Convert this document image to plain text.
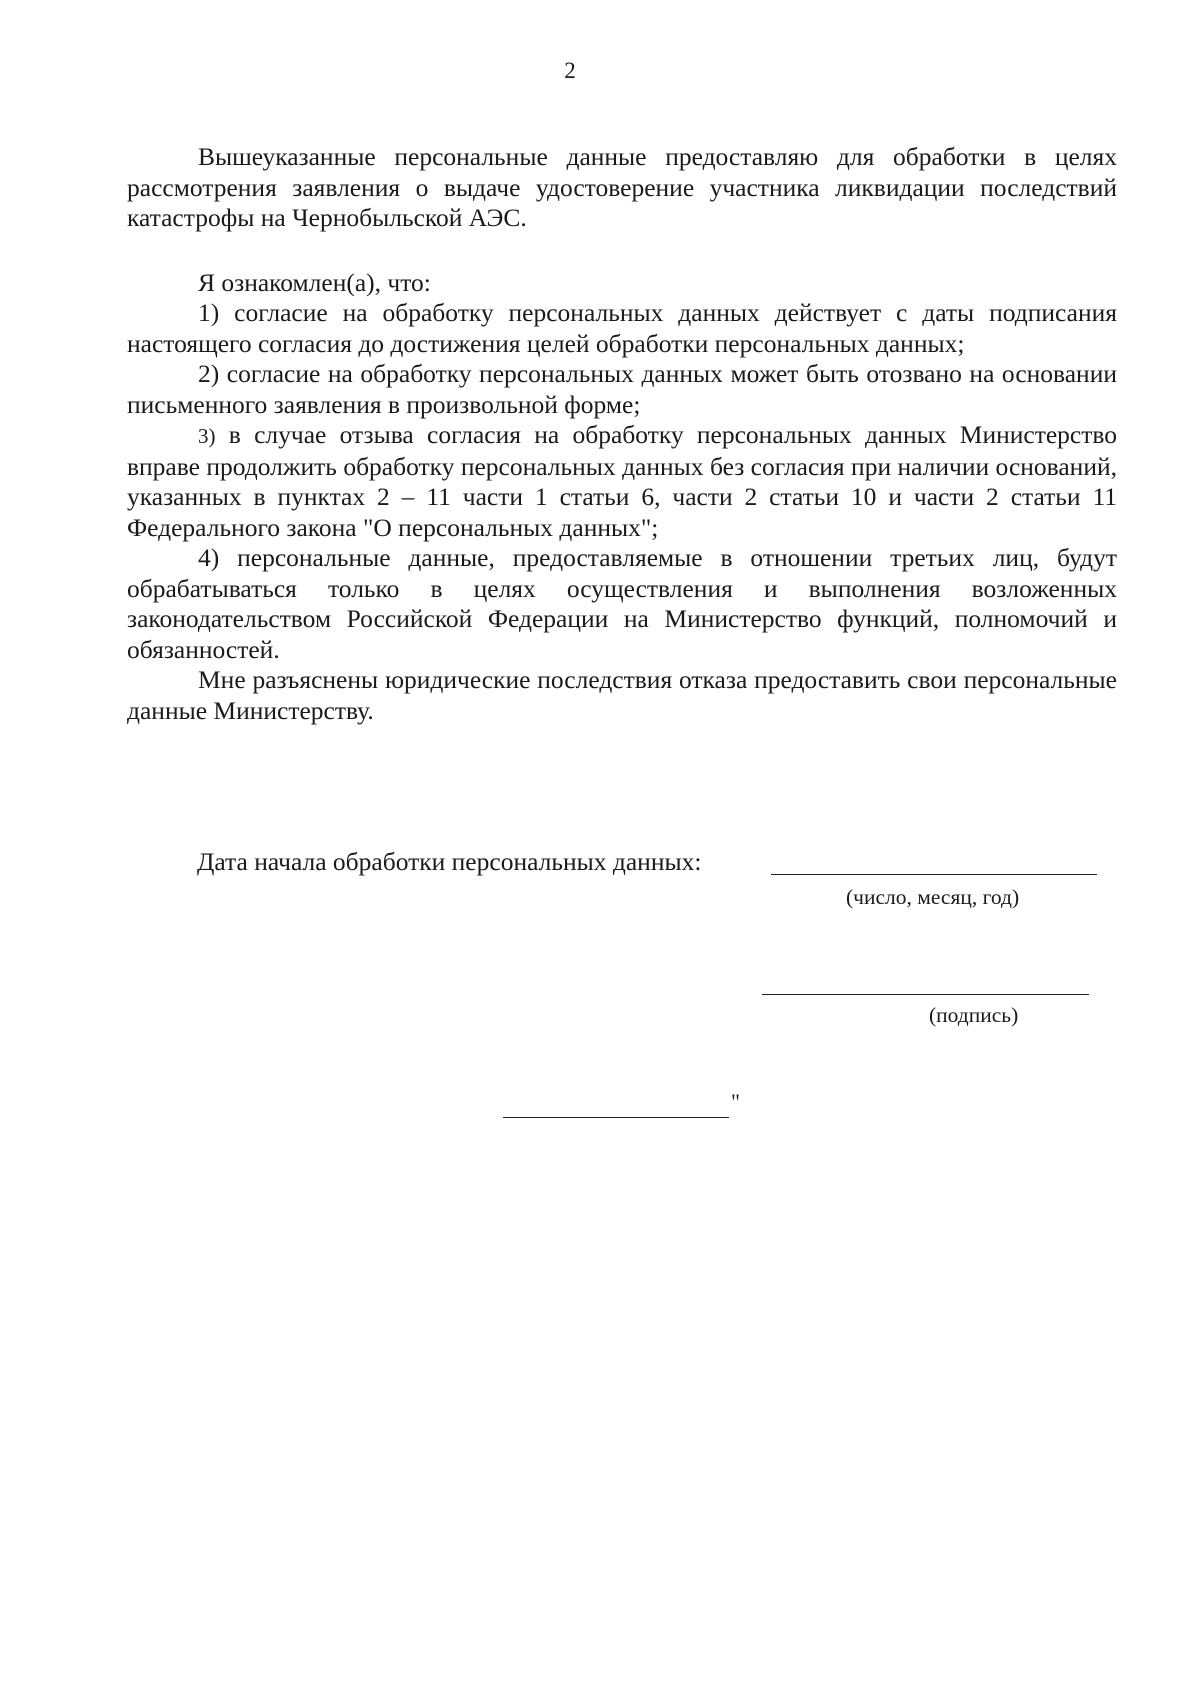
2

Вышеуказанные персональные данные предоставляю для обработки в целях рассмотрения заявления о выдаче удостоверение участника ликвидации последствий катастрофы на Чернобыльской АЭС.

Я ознакомлен(а), что:

1) согласие на обработку персональных данных действует с даты подписания настоящего согласия до достижения целей обработки персональных данных;

2) согласие на обработку персональных данных может быть отозвано на основании письменного заявления в произвольной форме;

3) в случае отзыва согласия на обработку персональных данных Министерство вправе продолжить обработку персональных данных без согласия при наличии оснований, указанных в пунктах 2 – 11 части 1 статьи 6, части 2 статьи 10 и части 2 статьи 11 Федерального закона "О персональных данных";

4) персональные данные, предоставляемые в отношении третьих лиц, будут обрабатываться только в целях осуществления и выполнения возложенных законодательством Российской Федерации на Министерство функций, полномочий и обязанностей.

Мне разъяснены юридические последствия отказа предоставить свои персональные данные Министерству.

Дата начала обработки персональных данных:
(число, месяц, год)
(подпись)
"
